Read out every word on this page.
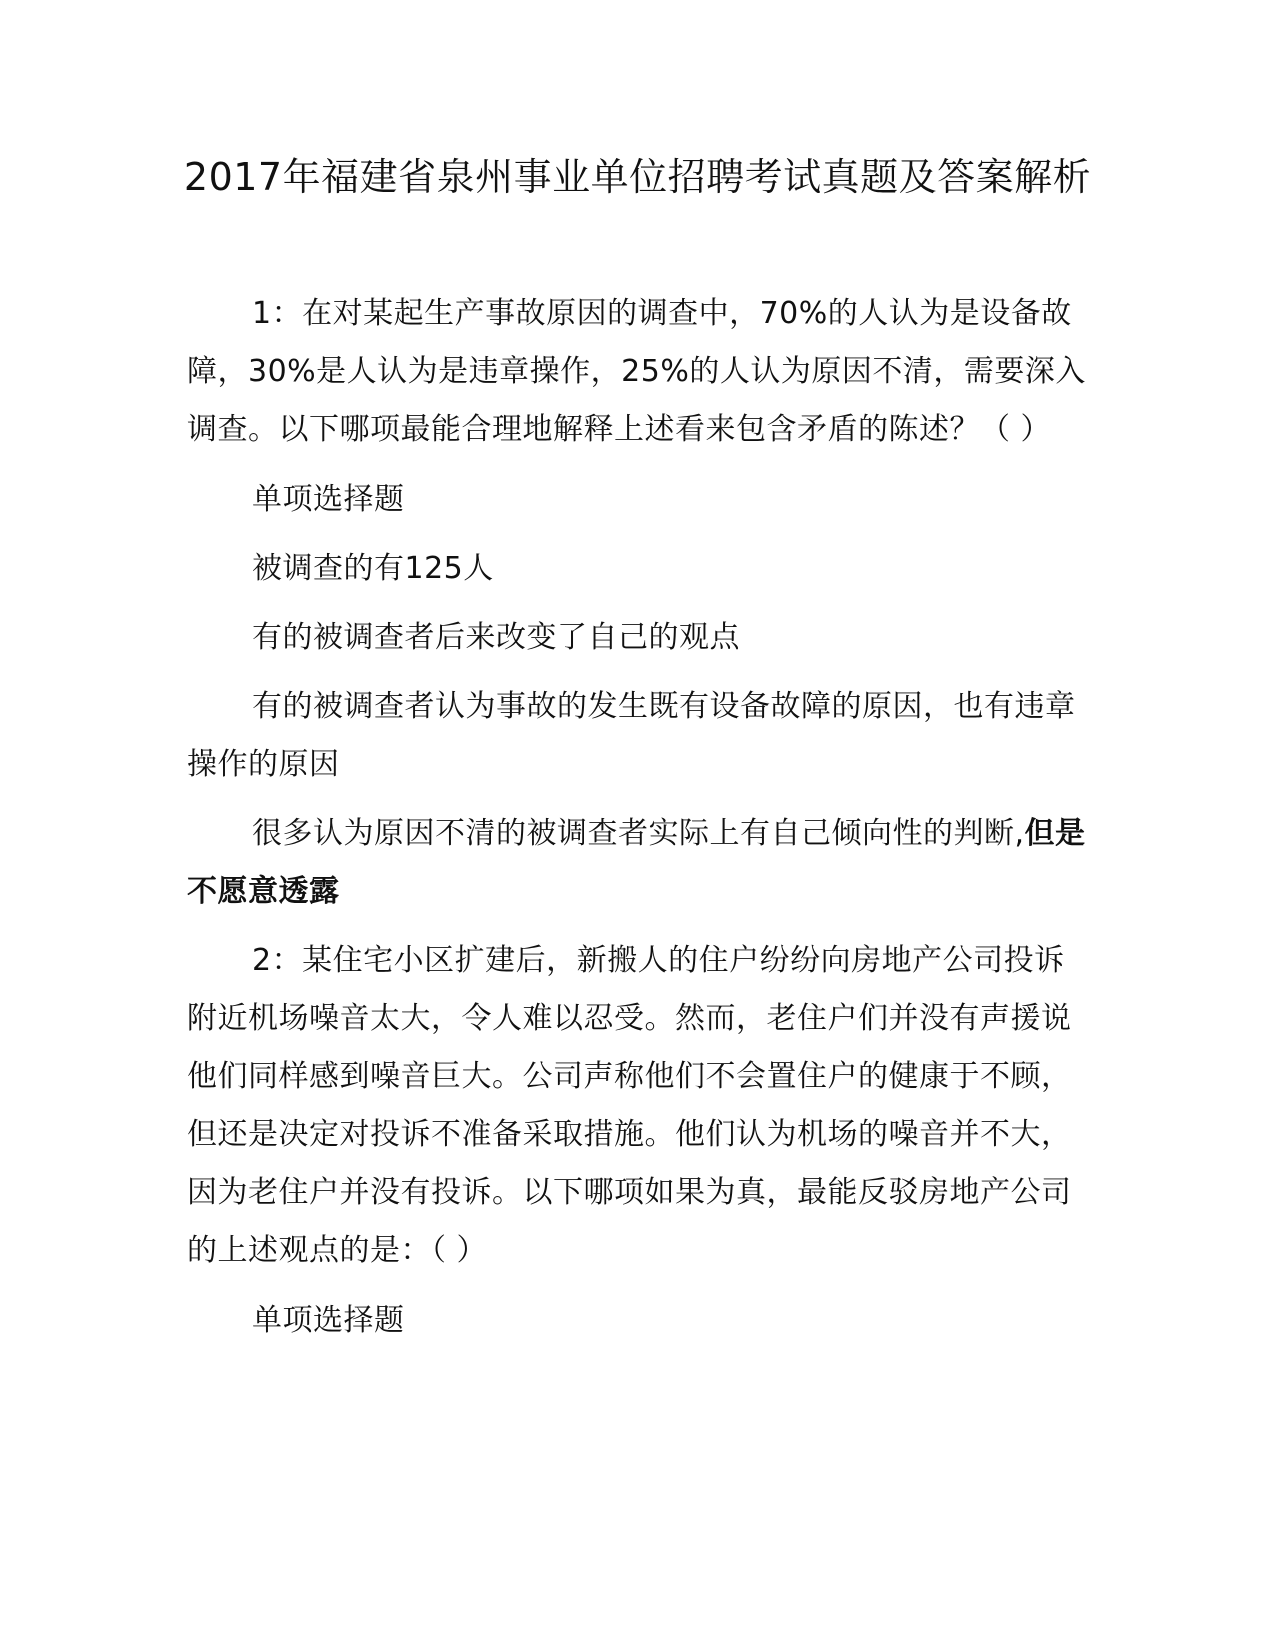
2017年福建省泉州事业单位招聘考试真题及答案解析

1：在对某起生产事故原因的调查中，70%的人认为是设备故障，30%是人认为是违章操作，25%的人认为原因不清，需要深入调查。以下哪项最能合理地解释上述看来包含矛盾的陈述？（ ）

单项选择题

被调查的有125人

有的被调查者后来改变了自己的观点

有的被调查者认为事故的发生既有设备故障的原因，也有违章操作的原因

很多认为原因不清的被调查者实际上有自己倾向性的判断,但是不愿意透露

2：某住宅小区扩建后，新搬人的住户纷纷向房地产公司投诉附近机场噪音太大，令人难以忍受。然而，老住户们并没有声援说他们同样感到噪音巨大。公司声称他们不会置住户的健康于不顾，但还是决定对投诉不准备采取措施。他们认为机场的噪音并不大，因为老住户并没有投诉。以下哪项如果为真，最能反驳房地产公司的上述观点的是：（ ）

单项选择题
